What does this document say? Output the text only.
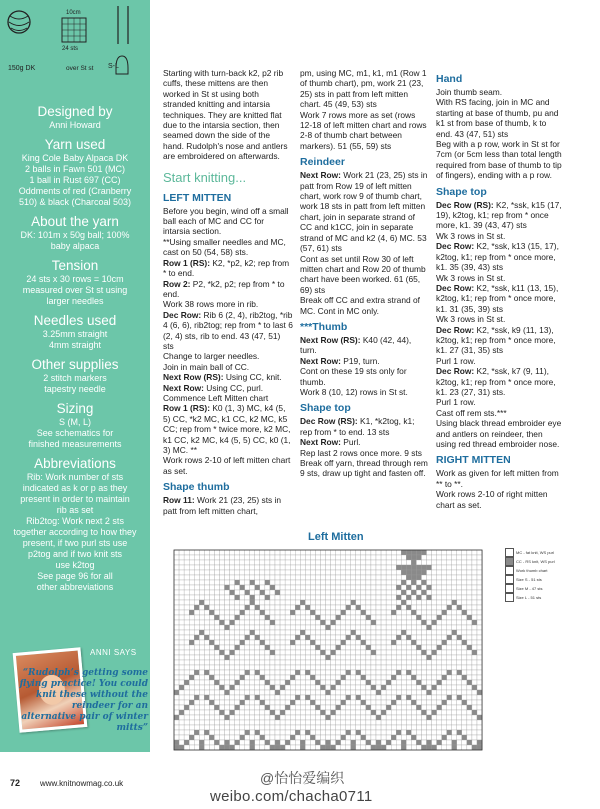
10cm
24 sts
150g DK	over St st S-L
Designed by
Anni Howard
Yarn used
King Cole Baby Alpaca DK
2 balls in Fawn 501 (MC)
1 ball in Rust 697 (CC)
Oddments of red (Cranberry
510) & black (Charcoal 503)
About the yarn
DK: 101m x 50g ball; 100%
baby alpaca
Tension
24 sts x 30 rows = 10cm
measured over St st using
larger needles
Needles used
3.25mm straight
4mm straight
Other supplies
2 stitch markers
tapestry needle
Sizing
S (M, L)
See schematics for
finished measurements
Abbreviations
Rib: Work number of sts
indicated as k or p as they
present in order to maintain
rib as set
Rib2tog: Work next 2 sts
together according to how they
present, if two purl sts use
p2tog and if two knit sts
use k2tog
See page 96 for all
other abbreviations
ANNI SAYS
“Rudolph’s getting some flying practice! You could knit these without the reindeer for an alternative pair of winter mitts”
Starting with turn-back k2, p2 rib cuffs, these mittens are then worked in St st using both stranded knitting and intarsia techniques. They are knitted flat due to the intarsia section, then seamed down the side of the hand. Rudolph's nose and antlers are embroidered on afterwards.
Start knitting...
LEFT MITTEN
Before you begin, wind off a small ball each of MC and CC for intarsia section.
**Using smaller needles and MC, cast on 50 (54, 58) sts.
Row 1 (RS): K2, *p2, k2; rep from * to end.
Row 2: P2, *k2, p2; rep from * to end.
Work 38 rows more in rib.
Dec Row: Rib 6 (2, 4), rib2tog, *rib 4 (6, 6), rib2tog; rep from * to last 6 (2, 4) sts, rib to end. 43 (47, 51) sts
Change to larger needles.
Join in main ball of CC.
Next Row (RS): Using CC, knit.
Next Row: Using CC, purl.
Commence Left Mitten chart
Row 1 (RS): K0 (1, 3) MC, k4 (5, 5) CC, *k2 MC, k1 CC, k2 MC, k5 CC; rep from * twice more, k2 MC, k1 CC, k2 MC, k4 (5, 5) CC, k0 (1, 3) MC. **
Work rows 2-10 of left mitten chart as set.
Shape thumb
Row 11: Work 21 (23, 25) sts in patt from left mitten chart,
pm, using MC, m1, k1, m1 (Row 1 of thumb chart), pm, work 21 (23, 25) sts in patt from left mitten chart. 45 (49, 53) sts
Work 7 rows more as set (rows 12-18 of left mitten chart and rows 2-8 of thumb chart between markers). 51 (55, 59) sts
Reindeer
Next Row: Work 21 (23, 25) sts in patt from Row 19 of left mitten chart, work row 9 of thumb chart, work 18 sts in patt from left mitten chart, join in separate strand of CC and k1CC, join in separate strand of MC and k2 (4, 6) MC. 53 (57, 61) sts
Cont as set until Row 30 of left mitten chart and Row 20 of thumb chart have been worked. 61 (65, 69) sts
Break off CC and extra strand of MC. Cont in MC only.
***Thumb
Next Row (RS): K40 (42, 44), turn.
Next Row: P19, turn.
Cont on these 19 sts only for thumb.
Work 8 (10, 12) rows in St st.
Shape top
Dec Row (RS): K1, *k2tog, k1; rep from * to end. 13 sts
Next Row: Purl.
Rep last 2 rows once more. 9 sts
Break off yarn, thread through rem 9 sts, draw up tight and fasten off.
Hand
Join thumb seam.
With RS facing, join in MC and starting at base of thumb, pu and k1 st from base of thumb, k to end. 43 (47, 51) sts
Beg with a p row, work in St st for 7cm (or 5cm less than total length required from base of thumb to tip of fingers), ending with a p row.
Shape top
Dec Row (RS): K2, *ssk, k15 (17, 19), k2tog, k1; rep from * once more, k1. 39 (43, 47) sts
Wk 3 rows in St st.
Dec Row: K2, *ssk, k13 (15, 17), k2tog, k1; rep from * once more, k1. 35 (39, 43) sts
Wk 3 rows in St st.
Dec Row: K2, *ssk, k11 (13, 15), k2tog, k1; rep from * once more, k1. 31 (35, 39) sts
Wk 3 rows in St st.
Dec Row: K2, *ssk, k9 (11, 13), k2tog, k1; rep from * once more, k1. 27 (31, 35) sts
Purl 1 row.
Dec Row: K2, *ssk, k7 (9, 11), k2tog, k1; rep from * once more, k1. 23 (27, 31) sts.
Purl 1 row.
Cast off rem sts.***
Using black thread embroider eye and antlers on reindeer, then using red thread embroider nose.
RIGHT MITTEN
Work as given for left mitten from ** to **.
Work rows 2-10 of right mitten chart as set.
Left Mitten
MC - fat knit, WS purl
CC - RS knit, WS purl
Work thumb chart
Size S - 51 sts
Size M - 47 sts
Size L - 51 sts
72 www.knitnowmag.co.uk	@怡怡爱编织
weibo.com/chacha0711
